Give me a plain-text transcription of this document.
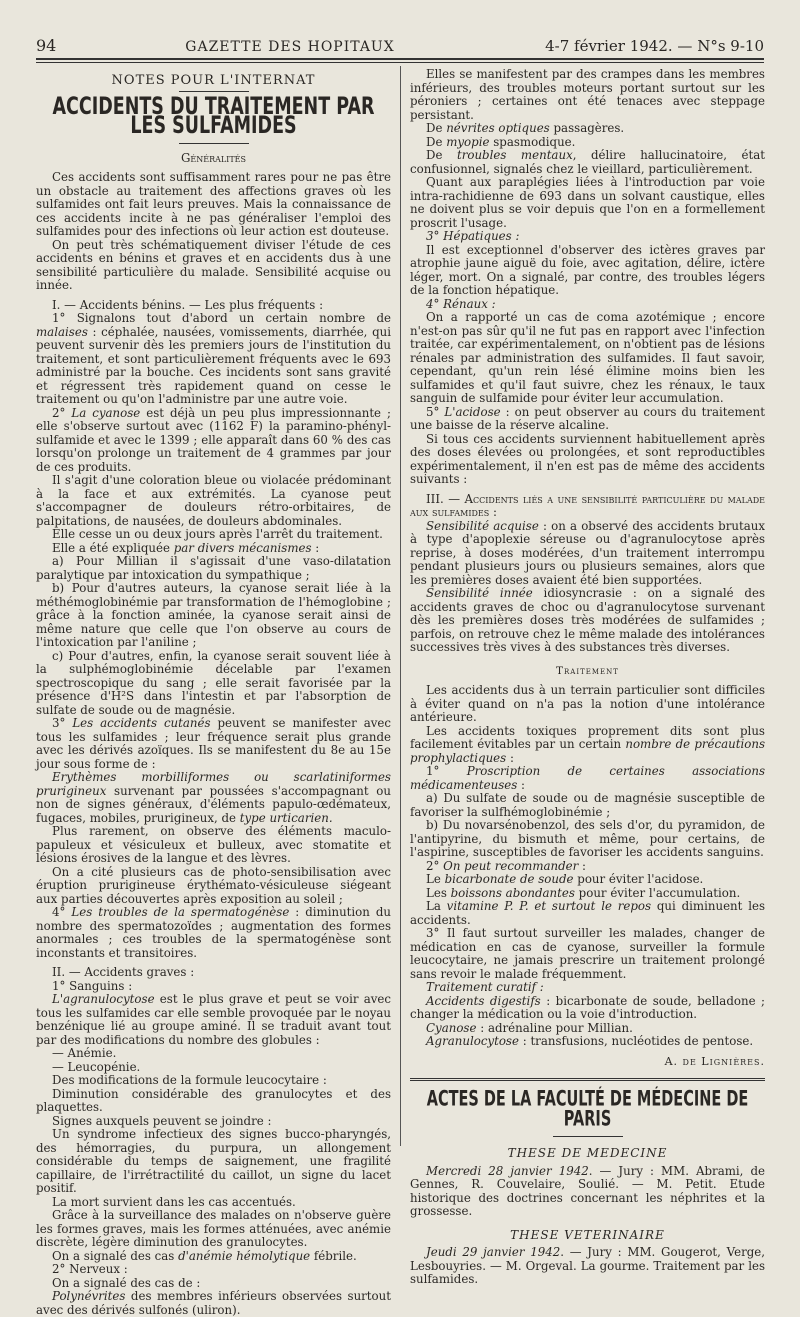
94	GAZETTE DES HOPITAUX	4-7 février 1942. — N°s 9-10
NOTES POUR L'INTERNAT
ACCIDENTS DU TRAITEMENT PAR LES SULFAMIDES
Généralités

Ces accidents sont suffisamment rares pour ne pas être un obstacle au traitement des affections graves où les sulfamides ont fait leurs preuves. Mais la connaissance de ces accidents incite à ne pas généraliser l'emploi des sulfamides pour des infections où leur action est douteuse.

On peut très schématiquement diviser l'étude de ces accidents en bénins et graves et en accidents dus à une sensibilité particulière du malade. Sensibilité acquise ou innée.

I. — Accidents bénins. — Les plus fréquents :

1° Signalons tout d'abord un certain nombre de malaises : céphalée, nausées, vomissements, diarrhée, qui peuvent survenir dès les premiers jours de l'institution du traitement, et sont particulièrement fréquents avec le 693 administré par la bouche. Ces incidents sont sans gravité et régressent très rapidement quand on cesse le traitement ou qu'on l'administre par une autre voie.

2° La cyanose est déjà un peu plus impressionnante ; elle s'observe surtout avec (1162 F) la paramino-phényl-sulfamide et avec le 1399 ; elle apparaît dans 60 % des cas lorsqu'on prolonge un traitement de 4 grammes par jour de ces produits.

Il s'agit d'une coloration bleue ou violacée prédominant à la face et aux extrémités. La cyanose peut s'accompagner de douleurs rétro-orbitaires, de palpitations, de nausées, de douleurs abdominales.

Elle cesse un ou deux jours après l'arrêt du traitement.

Elle a été expliquée par divers mécanismes :

a) Pour Millian il s'agissait d'une vaso-dilatation paralytique par intoxication du sympathique ;

b) Pour d'autres auteurs, la cyanose serait liée à la méthémoglobinémie par transformation de l'hémoglobine ; grâce à la fonction aminée, la cyanose serait ainsi de même nature que celle que l'on observe au cours de l'intoxication par l'aniline ;

c) Pour d'autres, enfin, la cyanose serait souvent liée à la sulphémoglobinémie décelable par l'examen spectroscopique du sang ; elle serait favorisée par la présence d'H²S dans l'intestin et par l'absorption de sulfate de soude ou de magnésie.

3° Les accidents cutanés peuvent se manifester avec tous les sulfamides ; leur fréquence serait plus grande avec les dérivés azoïques. Ils se manifestent du 8e au 15e jour sous forme de :

Erythèmes morbilliformes ou scarlatiniformes prurigineux survenant par poussées s'accompagnant ou non de signes généraux, d'éléments papulo-œdémateux, fugaces, mobiles, prurigineux, de type urticarien.

Plus rarement, on observe des éléments maculo-papuleux et vésiculeux et bulleux, avec stomatite et lésions érosives de la langue et des lèvres.

On a cité plusieurs cas de photo-sensibilisation avec éruption prurigineuse érythémato-vésiculeuse siégeant aux parties découvertes après exposition au soleil ;

4° Les troubles de la spermatogénèse : diminution du nombre des spermatozoïdes ; augmentation des formes anormales ; ces troubles de la spermatogénèse sont inconstants et transitoires.

II. — Accidents graves :

1° Sanguins :

L'agranulocytose est le plus grave et peut se voir avec tous les sulfamides car elle semble provoquée par le noyau benzénique lié au groupe aminé. Il se traduit avant tout par des modifications du nombre des globules :

— Anémie.

— Leucopénie.

Des modifications de la formule leucocytaire :

Diminution considérable des granulocytes et des plaquettes.

Signes auxquels peuvent se joindre :

Un syndrome infectieux des signes bucco-pharyngés, des hémorragies, du purpura, un allongement considérable du temps de saignement, une fragilité capillaire, de l'irrétractilité du caillot, un signe du lacet positif.

La mort survient dans les cas accentués.

Grâce à la surveillance des malades on n'observe guère les formes graves, mais les formes atténuées, avec anémie discrète, légère diminution des granulocytes.

On a signalé des cas d'anémie hémolytique fébrile.

2° Nerveux :

On a signalé des cas de :

Polynévrites des membres inférieurs observées surtout avec des dérivés sulfonés (uliron).

Elles se manifestent par des crampes dans les membres inférieurs, des troubles moteurs portant surtout sur les péroniers ; certaines ont été tenaces avec steppage persistant.

De névrites optiques passagères.

De myopie spasmodique.

De troubles mentaux, délire hallucinatoire, état confusionnel, signalés chez le vieillard, particulièrement.

Quant aux paraplégies liées à l'introduction par voie intra-rachidienne de 693 dans un solvant caustique, elles ne doivent plus se voir depuis que l'on en a formellement proscrit l'usage.

3° Hépatiques :

Il est exceptionnel d'observer des ictères graves par atrophie jaune aiguë du foie, avec agitation, délire, ictère léger, mort. On a signalé, par contre, des troubles légers de la fonction hépatique.

4° Rénaux :

On a rapporté un cas de coma azotémique ; encore n'est-on pas sûr qu'il ne fut pas en rapport avec l'infection traitée, car expérimentalement, on n'obtient pas de lésions rénales par administration des sulfamides. Il faut savoir, cependant, qu'un rein lésé élimine moins bien les sulfamides et qu'il faut suivre, chez les rénaux, le taux sanguin de sulfamide pour éviter leur accumulation.

5° L'acidose : on peut observer au cours du traitement une baisse de la réserve alcaline.

Si tous ces accidents surviennent habituellement après des doses élevées ou prolongées, et sont reproductibles expérimentalement, il n'en est pas de même des accidents suivants :

III. — Accidents liés a une sensibilité particulière du malade aux sulfamides :

Sensibilité acquise : on a observé des accidents brutaux à type d'apoplexie séreuse ou d'agranulocytose après reprise, à doses modérées, d'un traitement interrompu pendant plusieurs jours ou plusieurs semaines, alors que les premières doses avaient été bien supportées.

Sensibilité innée idiosyncrasie : on a signalé des accidents graves de choc ou d'agranulocytose survenant dès les premières doses très modérées de sulfamides ; parfois, on retrouve chez le même malade des intolérances successives très vives à des substances très diverses.

Traitement

Les accidents dus à un terrain particulier sont difficiles à éviter quand on n'a pas la notion d'une intolérance antérieure.

Les accidents toxiques proprement dits sont plus facilement évitables par un certain nombre de précautions prophylactiques :

1° Proscription de certaines associations médicamenteuses :

a) Du sulfate de soude ou de magnésie susceptible de favoriser la sulfhémoglobinémie ;

b) Du novarsénobenzol, des sels d'or, du pyramidon, de l'antipyrine, du bismuth et même, pour certains, de l'aspirine, susceptibles de favoriser les accidents sanguins.

2° On peut recommander :

Le bicarbonate de soude pour éviter l'acidose.

Les boissons abondantes pour éviter l'accumulation.

La vitamine P. P. et surtout le repos qui diminuent les accidents.

3° Il faut surtout surveiller les malades, changer de médication en cas de cyanose, surveiller la formule leucocytaire, ne jamais prescrire un traitement prolongé sans revoir le malade fréquemment.

Traitement curatif :

Accidents digestifs : bicarbonate de soude, belladone ; changer la médication ou la voie d'introduction.

Cyanose : adrénaline pour Millian.

Agranulocytose : transfusions, nucléotides de pentose.

A. de Lignières.
ACTES DE LA FACULTÉ DE MÉDECINE DE PARIS
THESE DE MEDECINE

Mercredi 28 janvier 1942. — Jury : MM. Abrami, de Gennes, R. Couvelaire, Soulié. — M. Petit. Etude historique des doctrines concernant les néphrites et la grossesse.

THESE VETERINAIRE

Jeudi 29 janvier 1942. — Jury : MM. Gougerot, Verge, Lesbouyries. — M. Orgeval. La gourme. Traitement par les sulfamides.
